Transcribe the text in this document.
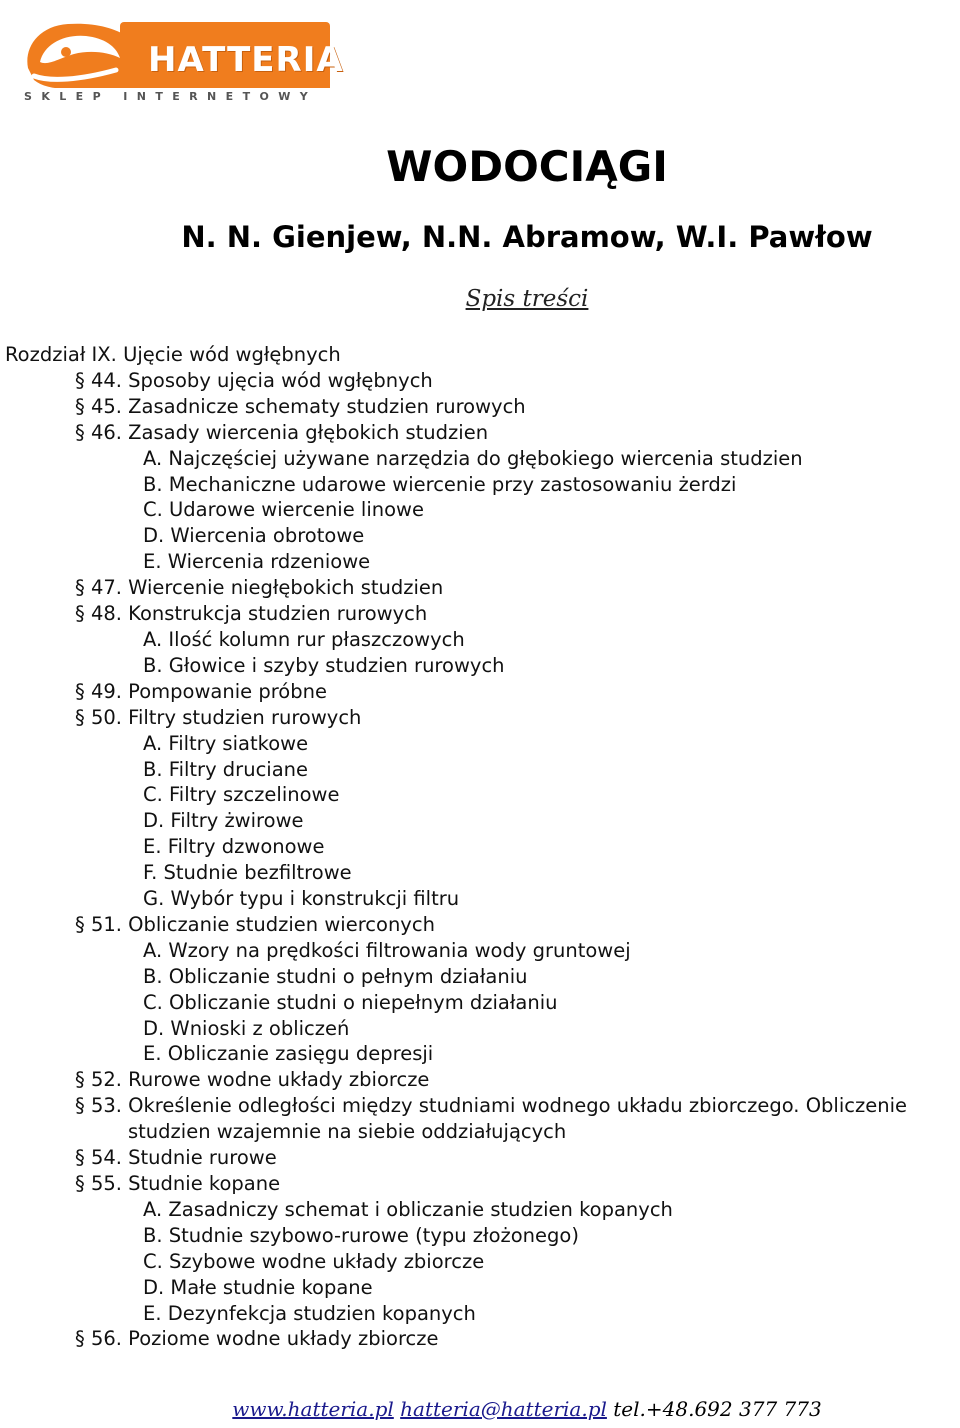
HATTERIA
SKLEP INTERNETOWY
WODOCIĄGI
N. N. Gienjew, N.N. Abramow, W.I. Pawłow
Spis treści
Rozdział IX. Ujęcie wód wgłębnych
§ 44. Sposoby ujęcia wód wgłębnych
§ 45. Zasadnicze schematy studzien rurowych
§ 46. Zasady wiercenia głębokich studzien
A. Najczęściej używane narzędzia do głębokiego wiercenia studzien
B. Mechaniczne udarowe wiercenie przy zastosowaniu żerdzi
C. Udarowe wiercenie linowe
D. Wiercenia obrotowe
E. Wiercenia rdzeniowe
§ 47. Wiercenie niegłębokich studzien
§ 48. Konstrukcja studzien rurowych
A. Ilość kolumn rur płaszczowych
B. Głowice i szyby studzien rurowych
§ 49. Pompowanie próbne
§ 50. Filtry studzien rurowych
A. Filtry siatkowe
B. Filtry druciane
C. Filtry szczelinowe
D. Filtry żwirowe
E. Filtry dzwonowe
F. Studnie bezfiltrowe
G. Wybór typu i konstrukcji filtru
§ 51. Obliczanie studzien wierconych
A. Wzory na prędkości filtrowania wody gruntowej
B. Obliczanie studni o pełnym działaniu
C. Obliczanie studni o niepełnym działaniu
D. Wnioski z obliczeń
E. Obliczanie zasięgu depresji
§ 52. Rurowe wodne układy zbiorcze
§ 53. Określenie odległości między studniami wodnego układu zbiorczego. Obliczenie studzien wzajemnie na siebie oddziałujących
§ 54. Studnie rurowe
§ 55. Studnie kopane
A. Zasadniczy schemat i obliczanie studzien kopanych
B. Studnie szybowo-rurowe (typu złożonego)
C. Szybowe wodne układy zbiorcze
D. Małe studnie kopane
E. Dezynfekcja studzien kopanych
§ 56. Poziome wodne układy zbiorcze
www.hatteria.pl hatteria@hatteria.pl tel.+48.692 377 773
